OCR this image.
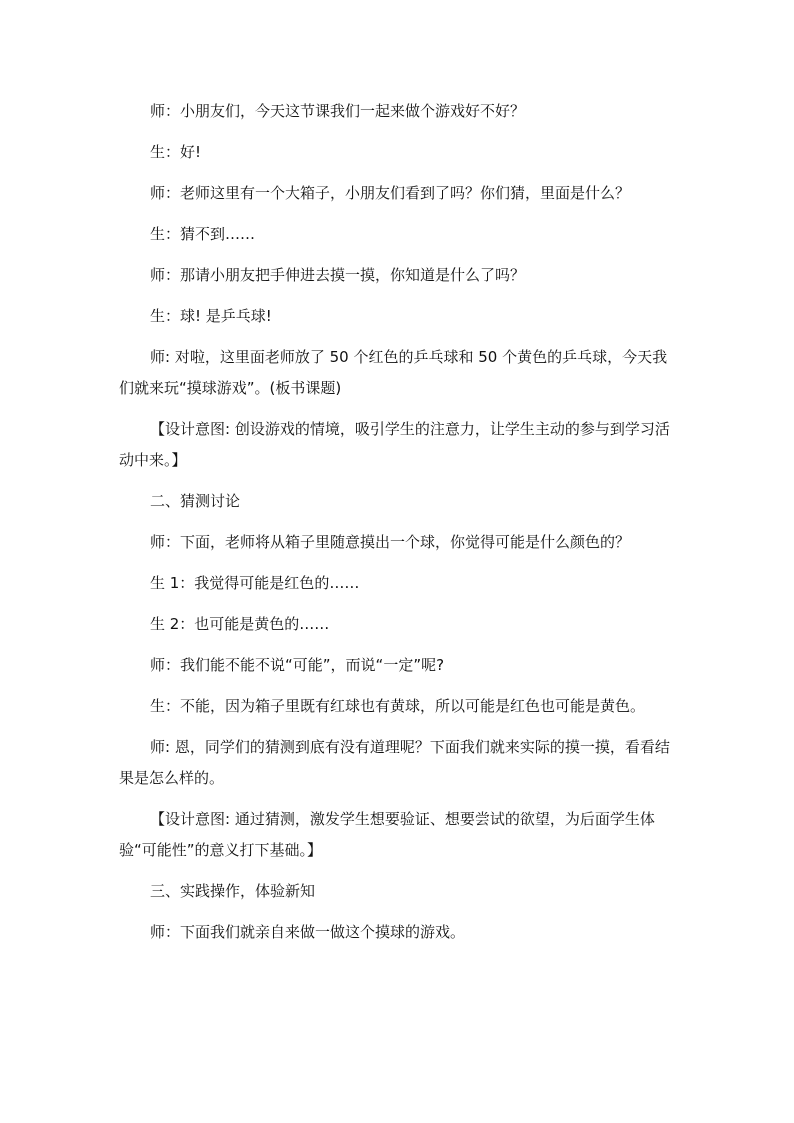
师：小朋友们，今天这节课我们一起来做个游戏好不好？

生：好!

师：老师这里有一个大箱子，小朋友们看到了吗？你们猜，里面是什么？

生：猜不到……

师：那请小朋友把手伸进去摸一摸，你知道是什么了吗？

生：球! 是乒乓球!

师: 对啦，这里面老师放了 50 个红色的乒乓球和 50 个黄色的乒乓球，今天我们就来玩“摸球游戏”。(板书课题)

【设计意图: 创设游戏的情境，吸引学生的注意力，让学生主动的参与到学习活动中来。】

二、猜测讨论

师：下面，老师将从箱子里随意摸出一个球，你觉得可能是什么颜色的？

生 1：我觉得可能是红色的……

生 2：也可能是黄色的……

师：我们能不能不说“可能”，而说“一定”呢?

生：不能，因为箱子里既有红球也有黄球，所以可能是红色也可能是黄色。

师: 恩，同学们的猜测到底有没有道理呢？下面我们就来实际的摸一摸，看看结果是怎么样的。

【设计意图: 通过猜测，激发学生想要验证、想要尝试的欲望，为后面学生体验“可能性”的意义打下基础。】

三、实践操作，体验新知

师：下面我们就亲自来做一做这个摸球的游戏。
